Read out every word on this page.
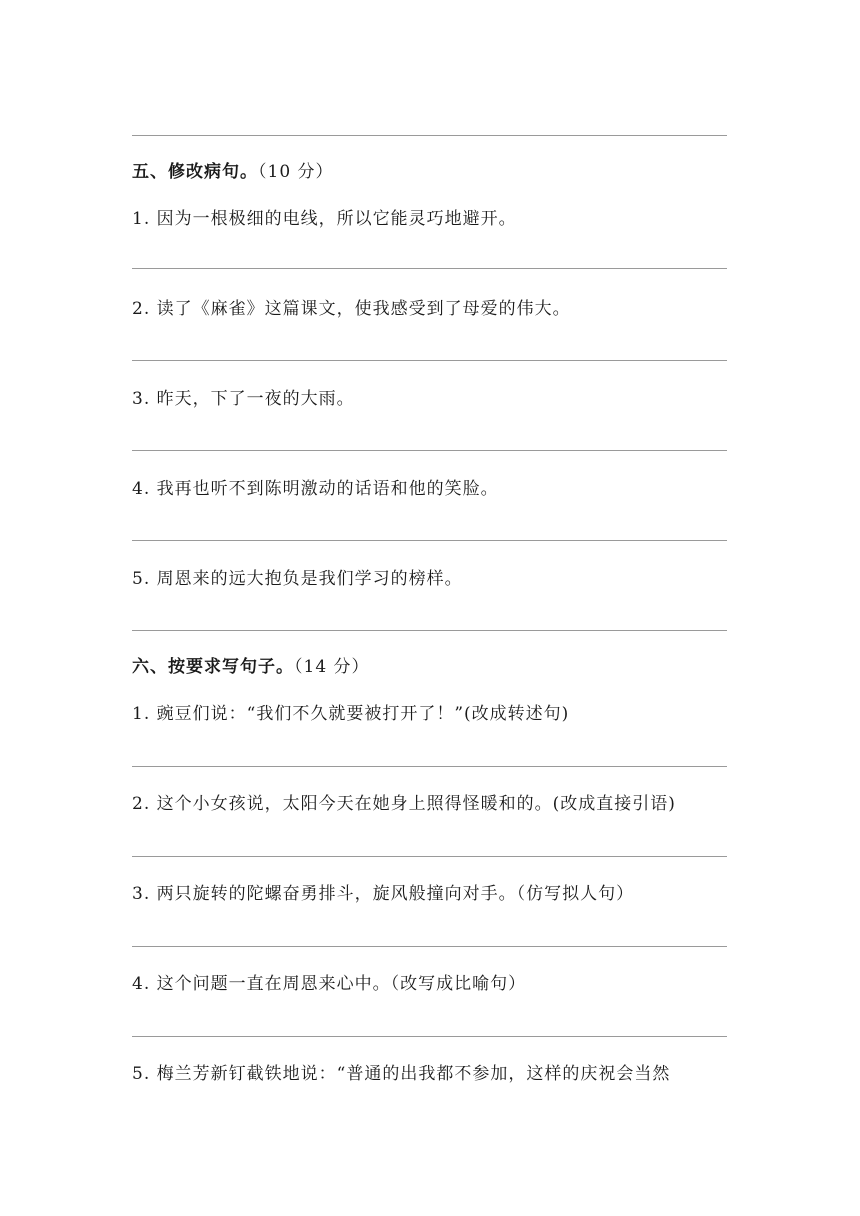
五、修改病句。（10 分）
1. 因为一根极细的电线，所以它能灵巧地避开。
2. 读了《麻雀》这篇课文，使我感受到了母爱的伟大。
3. 昨天，下了一夜的大雨。
4. 我再也听不到陈明激动的话语和他的笑脸。
5. 周恩来的远大抱负是我们学习的榜样。
六、按要求写句子。（14 分）
1. 豌豆们说：“我们不久就要被打开了！”(改成转述句)
2. 这个小女孩说，太阳今天在她身上照得怪暖和的。(改成直接引语)
3. 两只旋转的陀螺奋勇排斗，旋风般撞向对手。（仿写拟人句）
4. 这个问题一直在周恩来心中。（改写成比喻句）
5. 梅兰芳新钉截铁地说：“普通的出我都不参加，这样的庆祝会当然
